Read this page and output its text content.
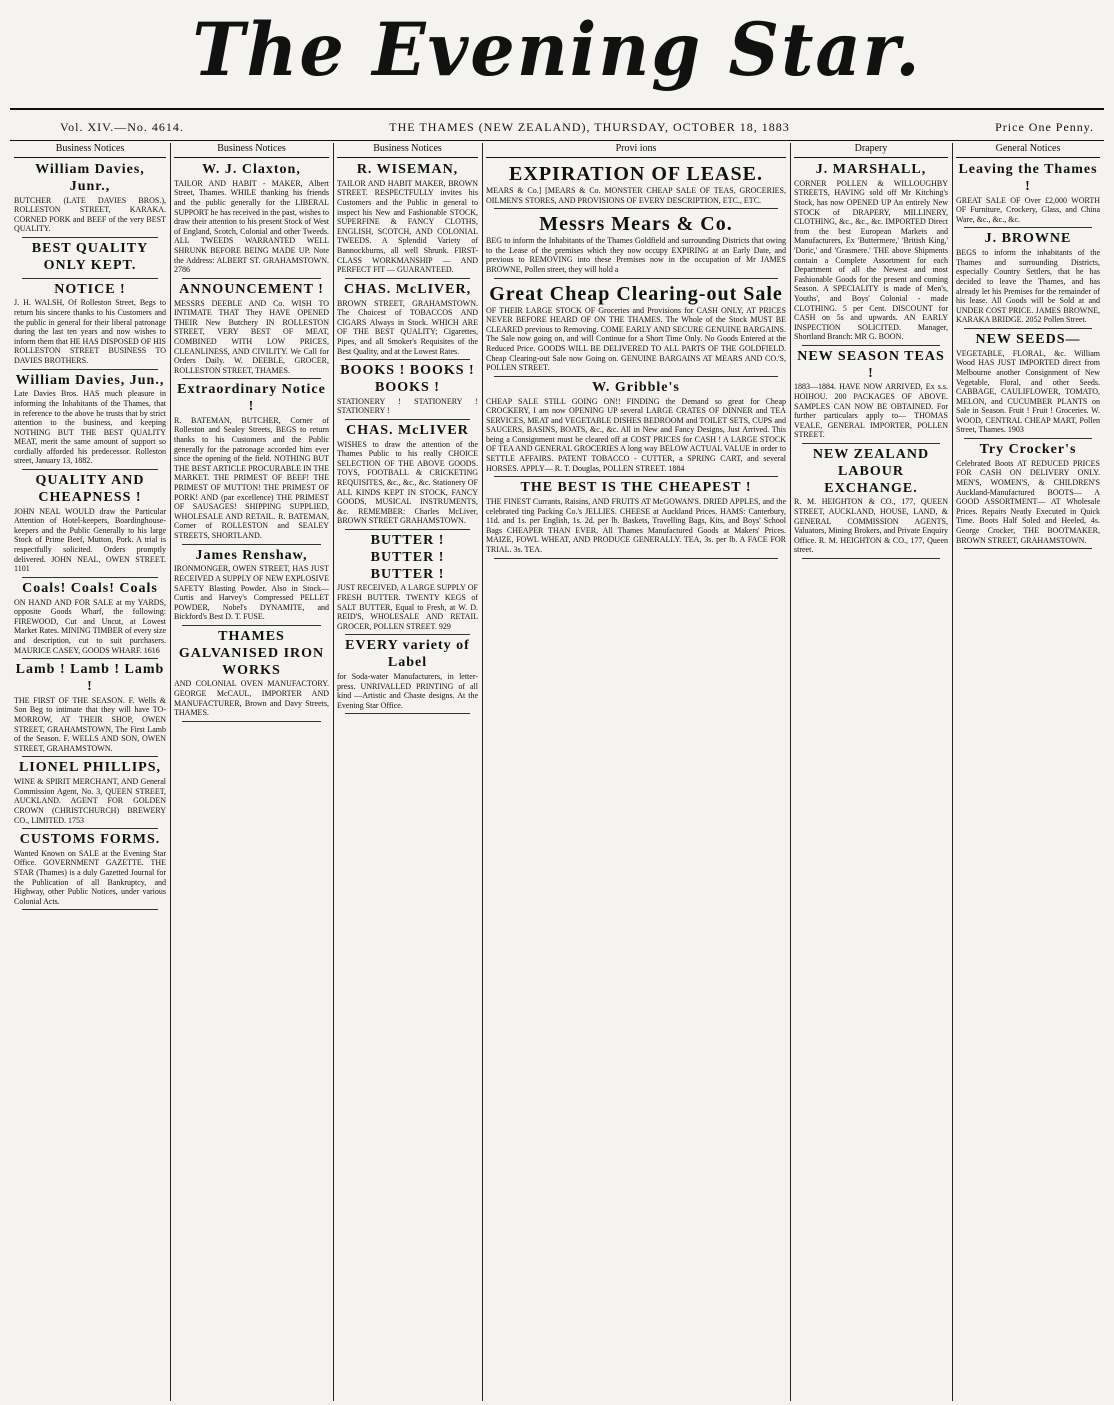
The Evening Star.
Vol. XIV.—No. 4614.	THE THAMES (NEW ZEALAND), THURSDAY, OCTOBER 18, 1883	Price One Penny.
Business Notices
William Davies, Junr.,
BUTCHER (LATE DAVIES BROS.), ROLLESTON STREET, KARAKA. CORNED PORK and BEEF of the very BEST QUALITY.
BEST QUALITY ONLY KEPT.
NOTICE !
J. H. WALSH, Of Rolleston Street, Begs to return his sincere thanks to his Customers and the public in general for their liberal patronage during the last ten years and now wishes to inform them that HE HAS DISPOSED OF HIS ROLLESTON STREET BUSINESS TO DAVIES BROTHERS.
William Davies, Jun.,
Late Davies Bros. HAS much pleasure in informing the Inhabitants of the Thames, that in reference to the above he trusts that by strict attention to the business, and keeping NOTHING BUT THE BEST QUALITY MEAT, merit the same amount of support so cordially afforded his predecessor. Rolleston street, January 13, 1882.
QUALITY AND CHEAPNESS !
JOHN NEAL WOULD draw the Particular Attention of Hotel-keepers, Boardinghouse-keepers and the Public Generally to his large Stock of Prime Beef, Mutton, Pork. A trial is respectfully solicited. Orders promptly delivered. JOHN NEAL, OWEN STREET. 1101
Coals! Coals! Coals
ON HAND AND FOR SALE at my YARDS, opposite Goods Wharf, the following: FIREWOOD, Cut and Uncut, at Lowest Market Rates. MINING TIMBER of every size and description, cut to suit purchasers. MAURICE CASEY, GOODS WHARF. 1616
Lamb ! Lamb ! Lamb !
THE FIRST OF THE SEASON. F. Wells & Son Beg to intimate that they will have TO-MORROW, AT THEIR SHOP, OWEN STREET, GRAHAMSTOWN, The First Lamb of the Season. F. WELLS AND SON, OWEN STREET, GRAHAMSTOWN.
LIONEL PHILLIPS,
WINE & SPIRIT MERCHANT, AND General Commission Agent, No. 3, QUEEN STREET, AUCKLAND. AGENT FOR GOLDEN CROWN (CHRISTCHURCH) BREWERY CO., LIMITED. 1753
CUSTOMS FORMS.
Wanted Known on SALE at the Evening Star Office. GOVERNMENT GAZETTE. THE STAR (Thames) is a duly Gazetted Journal for the Publication of all Bankruptcy, and Highway, other Public Notices, under various Colonial Acts.
Business Notices
W. J. Claxton,
TAILOR AND HABIT - MAKER, Albert Street, Thames. WHILE thanking his friends and the public generally for the LIBERAL SUPPORT he has received in the past, wishes to draw their attention to his present Stock of West of England, Scotch, Colonial and other Tweeds. ALL TWEEDS WARRANTED WELL SHRUNK BEFORE BEING MADE UP. Note the Address: ALBERT ST. GRAHAMSTOWN. 2786
ANNOUNCEMENT !
MESSRS DEEBLE AND Co. WISH TO INTIMATE THAT They HAVE OPENED THEIR New Butchery IN ROLLESTON STREET, VERY BEST OF MEAT, COMBINED WITH LOW PRICES, CLEANLINESS, AND CIVILITY. We Call for Orders Daily. W. DEEBLE, GROCER, ROLLESTON STREET, THAMES.
Extraordinary Notice !
R. BATEMAN, BUTCHER, Corner of Rolleston and Sealey Streets, BEGS to return thanks to his Customers and the Public generally for the patronage accorded him ever since the opening of the field. NOTHING BUT THE BEST ARTICLE PROCURABLE IN THE MARKET. THE PRIMEST OF BEEF! THE PRIMEST OF MUTTON! THE PRIMEST OF PORK! AND (par excellence) THE PRIMEST OF SAUSAGES! SHIPPING SUPPLIED, WHOLESALE AND RETAIL. R. BATEMAN, Corner of ROLLESTON and SEALEY STREETS, SHORTLAND.
James Renshaw,
IRONMONGER, OWEN STREET, HAS JUST RECEIVED A SUPPLY OF NEW EXPLOSIVE SAFETY Blasting Powder. Also in Stock—Curtis and Harvey's Compressed PELLET POWDER, Nobel's DYNAMITE, and Bickford's Best D. T. FUSE.
THAMES GALVANISED IRON WORKS
AND COLONIAL OVEN MANUFACTORY. GEORGE McCAUL, IMPORTER AND MANUFACTURER, Brown and Davy Streets, THAMES.
Business Notices
R. WISEMAN,
TAILOR AND HABIT MAKER, BROWN STREET. RESPECTFULLY invites his Customers and the Public in general to inspect his New and Fashionable STOCK, SUPERFINE & FANCY CLOTHS, ENGLISH, SCOTCH, AND COLONIAL TWEEDS. A Splendid Variety of Bannockburns, all well Shrunk. FIRST-CLASS WORKMANSHIP — AND PERFECT FIT — GUARANTEED.
CHAS. McLIVER,
BROWN STREET, GRAHAMSTOWN. The Choicest of TOBACCOS AND CIGARS Always in Stock. WHICH ARE OF THE BEST QUALITY; Cigarettes, Pipes, and all Smoker's Requisites of the Best Quality, and at the Lowest Rates.
BOOKS ! BOOKS ! BOOKS !
STATIONERY ! STATIONERY ! STATIONERY !
CHAS. McLIVER
WISHES to draw the attention of the Thames Public to his really CHOICE SELECTION OF THE ABOVE GOODS. TOYS, FOOTBALL & CRICKETING REQUISITES, &c., &c., &c. Stationery OF ALL KINDS KEPT IN STOCK, FANCY GOODS, MUSICAL INSTRUMENTS, &c. REMEMBER: Charles McLiver, BROWN STREET GRAHAMSTOWN.
BUTTER ! BUTTER ! BUTTER !
JUST RECEIVED, A LARGE SUPPLY OF FRESH BUTTER. TWENTY KEGS of SALT BUTTER, Equal to Fresh, at W. D. REID'S, WHOLESALE AND RETAIL GROCER, POLLEN STREET. 929
EVERY variety of Label
for Soda-water Manufacturers, in letter-press. UNRIVALLED PRINTING of all kind —Artistic and Chaste designs. At the Evening Star Office.
Provi ions
EXPIRATION OF LEASE.
MEARS & Co.] [MEARS & Co. MONSTER CHEAP SALE OF TEAS, GROCERIES, OILMEN'S STORES, AND PROVISIONS OF EVERY DESCRIPTION, ETC., ETC.
Messrs Mears & Co.
BEG to inform the Inhabitants of the Thames Goldfield and surrounding Districts that owing to the Lease of the premises which they now occupy EXPIRING at an Early Date, and previous to REMOVING into these Premises now in the occupation of Mr JAMES BROWNE, Pollen street, they will hold a
Great Cheap Clearing-out Sale
OF THEIR LARGE STOCK OF Groceries and Provisions for CASH ONLY, AT PRICES NEVER BEFORE HEARD OF ON THE THAMES. The Whole of the Stock MUST BE CLEARED previous to Removing. COME EARLY AND SECURE GENUINE BARGAINS. The Sale now going on, and will Continue for a Short Time Only. No Goods Entered at the Reduced Price. GOODS WILL BE DELIVERED TO ALL PARTS OF THE GOLDFIELD. Cheap Clearing-out Sale now Going on. GENUINE BARGAINS AT MEARS AND CO.'S, POLLEN STREET.
W. Gribble's
CHEAP SALE STILL GOING ON!! FINDING the Demand so great for Cheap CROCKERY, I am now OPENING UP several LARGE CRATES OF DINNER and TEA SERVICES, MEAT and VEGETABLE DISHES BEDROOM and TOILET SETS, CUPS and SAUCERS, BASINS, BOATS, &c., &c. All in New and Fancy Designs, Just Arrived. This being a Consignment must be cleared off at COST PRICES for CASH ! A LARGE STOCK OF TEA AND GENERAL GROCERIES A long way BELOW ACTUAL VALUE in order to SETTLE AFFAIRS. PATENT TOBACCO - CUTTER, a SPRING CART, and several HORSES. APPLY— R. T. Douglas, POLLEN STREET. 1884
THE BEST IS THE CHEAPEST !
THE FINEST Currants, Raisins, AND FRUITS AT McGOWAN'S. DRIED APPLES, and the celebrated ting Packing Co.'s JELLIES. CHEESE at Auckland Prices. HAMS: Canterbury, 11d. and 1s. per English, 1s. 2d. per lb. Baskets, Travelling Bags, Kits, and Boys' School Bags CHEAPER THAN EVER. All Thames Manufactured Goods at Makers' Prices. MAIZE, FOWL WHEAT, AND PRODUCE GENERALLY. TEA, 3s. per lb. A FACE FOR TRIAL. 3s. TEA.
Drapery
J. MARSHALL,
CORNER POLLEN & WILLOUGHBY STREETS, HAVING sold off Mr Kitching's Stock, has now OPENED UP An entirely New STOCK of DRAPERY, MILLINERY, CLOTHING, &c., &c., &c. IMPORTED Direct from the best European Markets and Manufacturers, Ex 'Buttermere,' 'British King,' 'Doric,' and 'Grasmere.' THE above Shipments contain a Complete Assortment for each Department of all the Newest and most Fashionable Goods for the present and coming Season. A SPECIALITY is made of Men's, Youths', and Boys' Colonial - made CLOTHING. 5 per Cent. DISCOUNT for CASH on 5s and upwards. AN EARLY INSPECTION SOLICITED. Manager, Shortland Branch: MR G. BOON.
NEW SEASON TEAS !
1883—1884. HAVE NOW ARRIVED, Ex s.s. HOIHOU. 200 PACKAGES OF ABOVE. SAMPLES CAN NOW BE OBTAINED. For further particulars apply to— THOMAS VEALE, GENERAL IMPORTER, POLLEN STREET.
NEW ZEALAND LABOUR EXCHANGE.
R. M. HEIGHTON & CO., 177, QUEEN STREET, AUCKLAND, HOUSE, LAND, & GENERAL COMMISSION AGENTS, Valuators, Mining Brokers, and Private Enquiry Office. R. M. HEIGHTON & CO., 177, Queen street.
General Notices
Leaving the Thames !
GREAT SALE OF Over £2,000 WORTH OF Furniture, Crockery, Glass, and China Ware, &c., &c., &c.
J. BROWNE
BEGS to inform the inhabitants of the Thames and surrounding Districts, especially Country Settlers, that he has decided to leave the Thames, and has already let his Premises for the remainder of his lease. All Goods will be Sold at and UNDER COST PRICE. JAMES BROWNE, KARAKA BRIDGE. 2052 Pollen Street.
NEW SEEDS—
VEGETABLE, FLORAL, &c. William Wood HAS JUST IMPORTED direct from Melbourne another Consignment of New Vegetable, Floral, and other Seeds. CABBAGE, CAULIFLOWER, TOMATO, MELON, and CUCUMBER PLANTS on Sale in Season. Fruit ! Fruit ! Groceries. W. WOOD, CENTRAL CHEAP MART, Pollen Street, Thames. 1903
Try Crocker's
Celebrated Boots AT REDUCED PRICES FOR CASH ON DELIVERY ONLY. MEN'S, WOMEN'S, & CHILDREN'S Auckland-Manufactured BOOTS— A GOOD ASSORTMENT— AT Wholesale Prices. Repairs Neatly Executed in Quick Time. Boots Half Soled and Heeled, 4s. George Crocker, THE BOOTMAKER, BROWN STREET, GRAHAMSTOWN.
